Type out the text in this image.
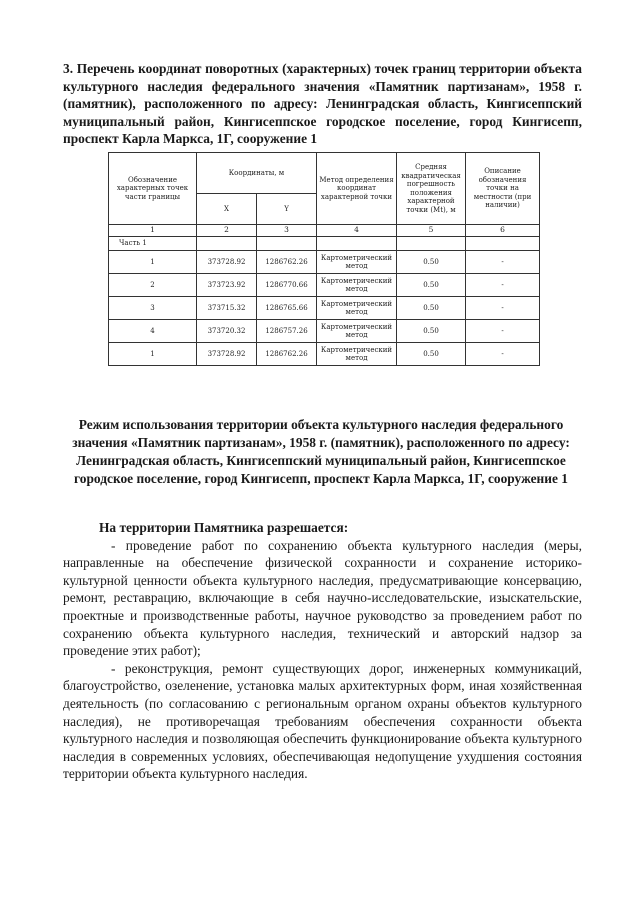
3. Перечень координат поворотных (характерных) точек границ территории объекта культурного наследия федерального значения «Памятник партизанам», 1958 г. (памятник), расположенного по адресу: Ленинградская область, Кингисеппский муниципальный район, Кингисеппское городское поселение, город Кингисепп, проспект Карла Маркса, 1Г, сооружение 1
Обозначение характерных точек части границы	Координаты, м		Метод определения координат характерной точки	Средняя квадратическая погрешность положения характерной точки (Mt), м	Описание обозначения точки на местности (при наличии)
	X	Y			
1	2	3	4	5	6
Часть 1					
1	373728.92	1286762.26	Картометрический метод	0.50	-
2	373723.92	1286770.66	Картометрический метод	0.50	-
3	373715.32	1286765.66	Картометрический метод	0.50	-
4	373720.32	1286757.26	Картометрический метод	0.50	-
1	373728.92	1286762.26	Картометрический метод	0.50	-
Режим использования территории объекта культурного наследия федерального значения «Памятник партизанам», 1958 г. (памятник), расположенного по адресу: Ленинградская область, Кингисеппский муниципальный район, Кингисеппское городское поселение, город Кингисепп, проспект Карла Маркса, 1Г, сооружение 1

На территории Памятника разрешается:

- проведение работ по сохранению объекта культурного наследия (меры, направленные на обеспечение физической сохранности и сохранение историко-культурной ценности объекта культурного наследия, предусматривающие консервацию, ремонт, реставрацию, включающие в себя научно-исследовательские, изыскательские, проектные и производственные работы, научное руководство за проведением работ по сохранению объекта культурного наследия, технический и авторский надзор за проведение этих работ);

- реконструкция, ремонт существующих дорог, инженерных коммуникаций, благоустройство, озеленение, установка малых архитектурных форм, иная хозяйственная деятельность (по согласованию с региональным органом охраны объектов культурного наследия), не противоречащая требованиям обеспечения сохранности объекта культурного наследия и позволяющая обеспечить функционирование объекта культурного наследия в современных условиях, обеспечивающая недопущение ухудшения состояния территории объекта культурного наследия.
